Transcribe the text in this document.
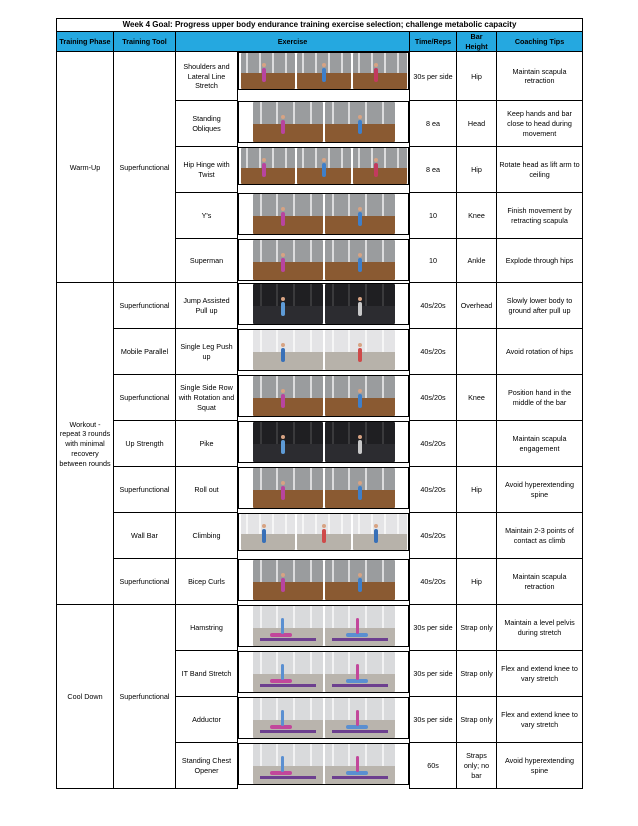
Week 4 Goal: Progress upper body endurance training exercise selection; challenge metabolic capacity					
Training Phase	Training Tool	Exercise	Time/Reps	Bar Height	Coaching Tips
Warm-Up	Superfunctional	Shoulders and Lateral Line Stretch	30s per side	Hip	Maintain scapula retraction
		Standing Obliques	8 ea	Head	Keep hands and bar close to head during movement
		Hip Hinge with Twist	8 ea	Hip	Rotate head as lift arm to ceiling
		Y's	10	Knee	Finish movement by retracting scapula
		Superman	10	Ankle	Explode through hips
Workout - repeat 3 rounds with minimal recovery between rounds	Superfunctional	Jump Assisted Pull up	40s/20s	Overhead	Slowly lower body to ground after pull up
	Mobile Parallel	Single Leg Push up	40s/20s		Avoid rotation of hips
	Superfunctional	Single Side Row with Rotation and Squat	40s/20s	Knee	Position hand in the middle of the bar
	Up Strength	Pike	40s/20s		Maintain scapula engagement
	Superfunctional	Roll out	40s/20s	Hip	Avoid hyperextending spine
	Wall Bar	Climbing	40s/20s		Maintain 2-3 points of contact as climb
	Superfunctional	Bicep Curls	40s/20s	Hip	Maintain scapula retraction
Cool Down	Superfunctional	Hamstring	30s per side	Strap only	Maintain a level pelvis during stretch
		IT Band Stretch	30s per side	Strap only	Flex and extend knee to vary stretch
		Adductor	30s per side	Strap only	Flex and extend knee to vary stretch
		Standing Chest Opener	60s	Straps only; no bar	Avoid hyperextending spine
